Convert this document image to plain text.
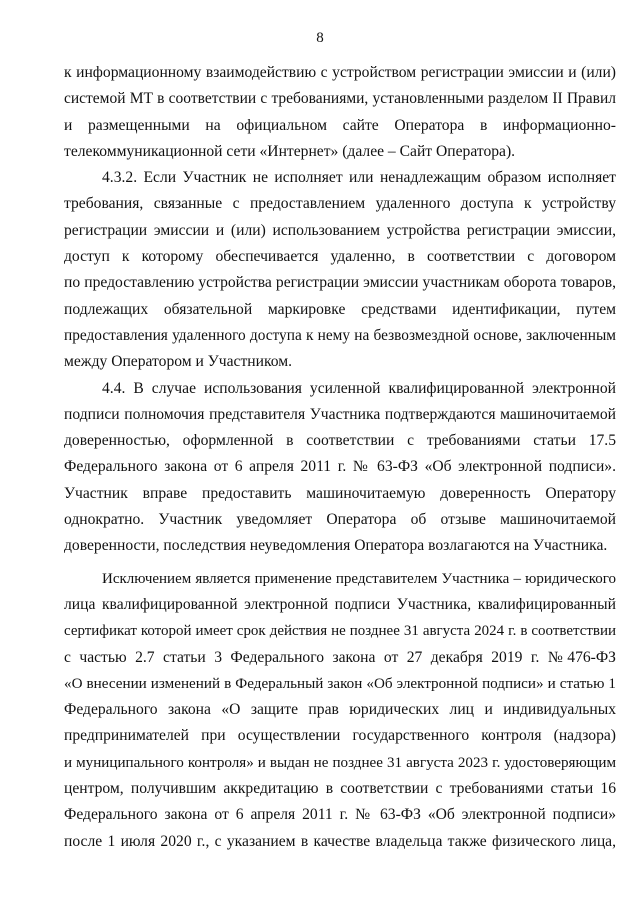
8
к информационному взаимодействию с устройством регистрации эмиссии и (или)
системой МТ в соответствии с требованиями, установленными разделом II Правил
и размещенными на официальном сайте Оператора в информационно-
телекоммуникационной сети «Интернет» (далее – Сайт Оператора).
4.3.2. Если Участник не исполняет или ненадлежащим образом исполняет
требования, связанные с предоставлением удаленного доступа к устройству
регистрации эмиссии и (или) использованием устройства регистрации эмиссии,
доступ к которому обеспечивается удаленно, в соответствии с договором
по предоставлению устройства регистрации эмиссии участникам оборота товаров,
подлежащих обязательной маркировке средствами идентификации, путем
предоставления удаленного доступа к нему на безвозмездной основе, заключенным
между Оператором и Участником.
4.4. В случае использования усиленной квалифицированной электронной
подписи полномочия представителя Участника подтверждаются машиночитаемой
доверенностью, оформленной в соответствии с требованиями статьи 17.5
Федерального закона от 6 апреля 2011 г. № 63-ФЗ «Об электронной подписи».
Участник вправе предоставить машиночитаемую доверенность Оператору
однократно. Участник уведомляет Оператора об отзыве машиночитаемой
доверенности, последствия неуведомления Оператора возлагаются на Участника.
Исключением является применение представителем Участника – юридического
лица квалифицированной электронной подписи Участника, квалифицированный
сертификат которой имеет срок действия не позднее 31 августа 2024 г. в соответствии
с частью 2.7 статьи 3 Федерального закона от 27 декабря 2019 г. №476-ФЗ
«О внесении изменений в Федеральный закон «Об электронной подписи» и статью 1
Федерального закона «О защите прав юридических лиц и индивидуальных
предпринимателей при осуществлении государственного контроля (надзора)
и муниципального контроля» и выдан не позднее 31 августа 2023 г. удостоверяющим
центром, получившим аккредитацию в соответствии с требованиями статьи 16
Федерального закона от 6 апреля 2011 г. № 63-ФЗ «Об электронной подписи»
после 1 июля 2020 г., с указанием в качестве владельца также физического лица,
